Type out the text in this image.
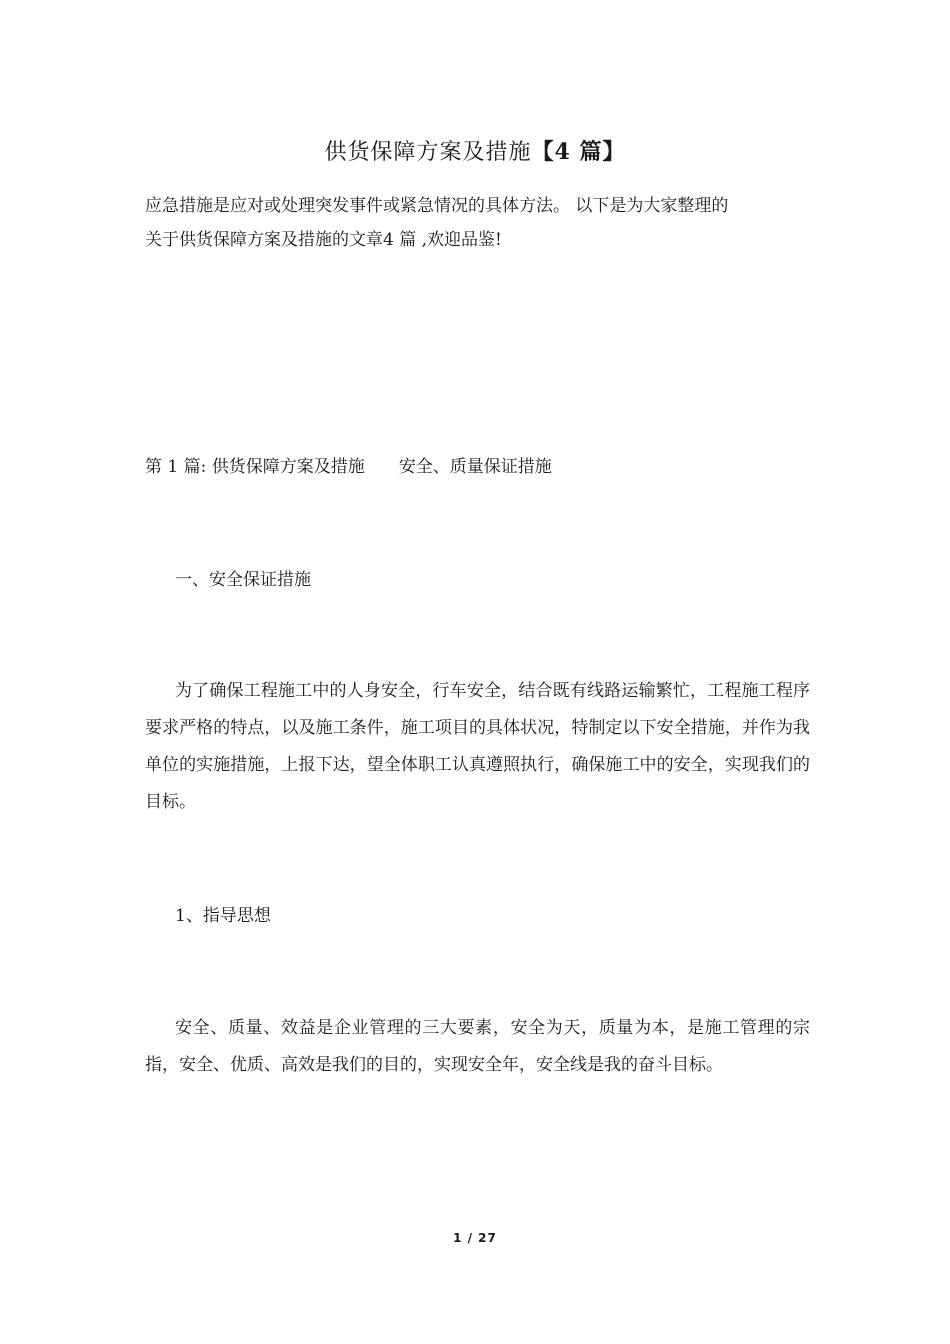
供货保障方案及措施【4 篇】
应急措施是应对或处理突发事件或紧急情况的具体方法。 以下是为大家整理的
关于供货保障方案及措施的文章4 篇 ,欢迎品鉴!

第 1 篇: 供货保障方案及措施　　安全、质量保证措施

一、安全保证措施

为了确保工程施工中的人身安全，行车安全，结合既有线路运输繁忙，工程施工程序要求严格的特点，以及施工条件，施工项目的具体状况，特制定以下安全措施，并作为我单位的实施措施，上报下达，望全体职工认真遵照执行，确保施工中的安全，实现我们的目标。

1、指导思想

安全、质量、效益是企业管理的三大要素，安全为天，质量为本，是施工管理的宗指，安全、优质、高效是我们的目的，实现安全年，安全线是我的奋斗目标。

1 / 27
